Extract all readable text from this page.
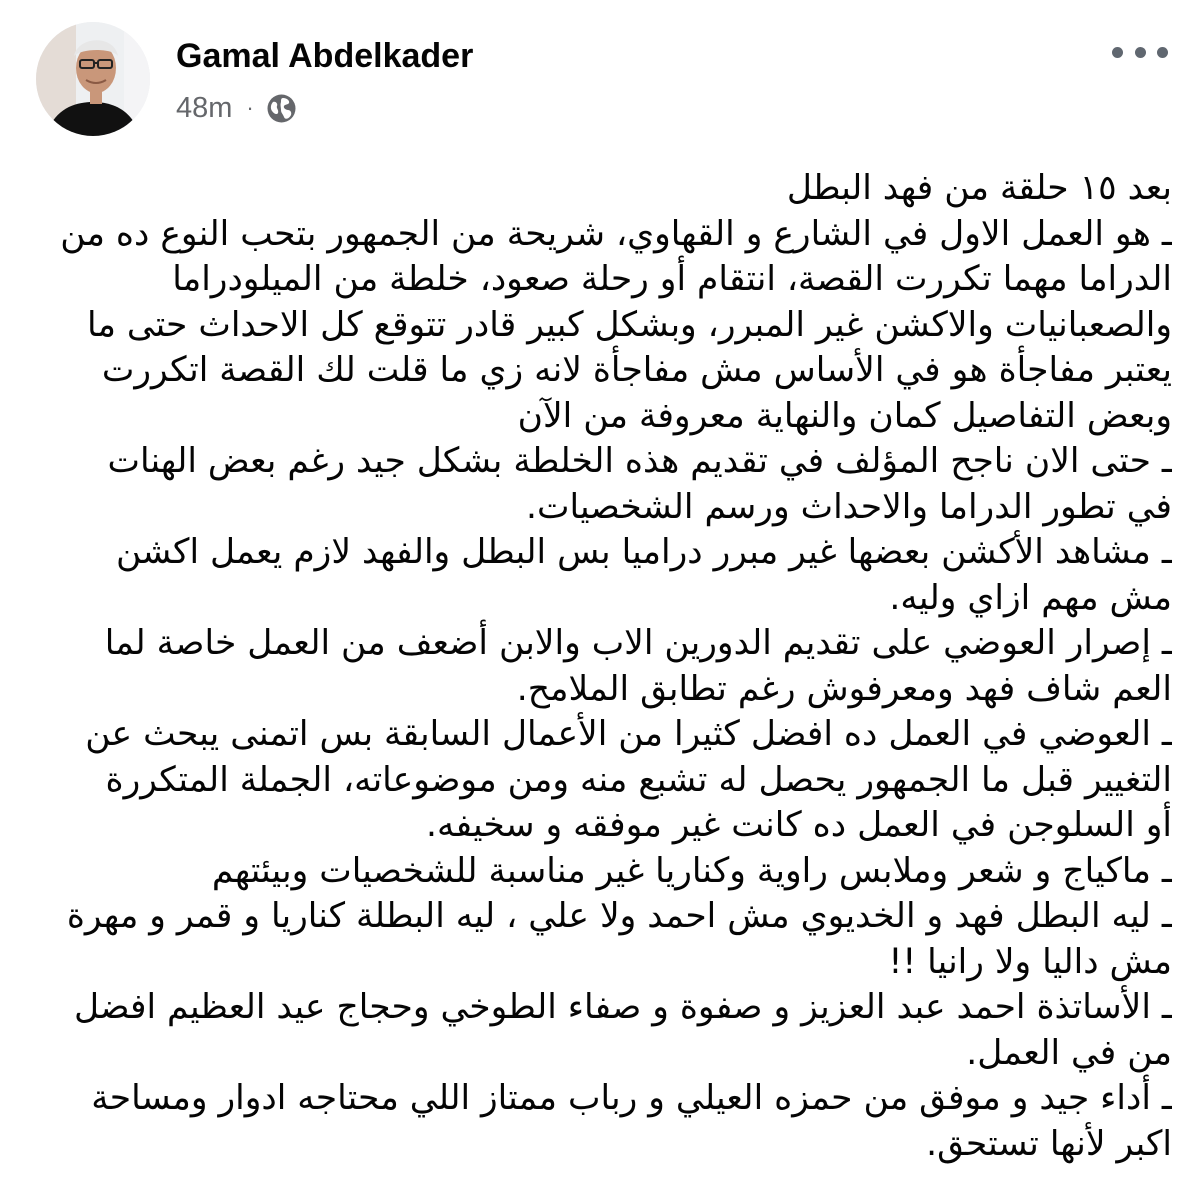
Gamal Abdelkader
48m ·
بعد ١٥ حلقة من فهد البطل
ـ هو العمل الاول في الشارع و القهاوي، شريحة من الجمهور بتحب النوع ده من
الدراما مهما تكررت القصة، انتقام أو رحلة صعود، خلطة من الميلودراما
والصعبانيات والاكشن غير المبرر، وبشكل كبير قادر تتوقع كل الاحداث حتى ما
يعتبر مفاجأة هو في الأساس مش مفاجأة لانه زي ما قلت لك القصة اتكررت
وبعض التفاصيل كمان والنهاية معروفة من الآن
ـ حتى الان ناجح المؤلف في تقديم هذه الخلطة بشكل جيد رغم بعض الهنات
في تطور الدراما والاحداث ورسم الشخصيات.
ـ مشاهد الأكشن بعضها غير مبرر دراميا بس البطل والفهد لازم يعمل اكشن
مش مهم ازاي وليه.
ـ إصرار العوضي على تقديم الدورين الاب والابن أضعف من العمل خاصة لما
العم شاف فهد ومعرفوش رغم تطابق الملامح.
ـ العوضي في العمل ده افضل كثيرا من الأعمال السابقة بس اتمنى يبحث عن
التغيير قبل ما الجمهور يحصل له تشبع منه ومن موضوعاته، الجملة المتكررة
أو السلوجن في العمل ده كانت غير موفقه و سخيفه.
ـ ماكياج و شعر وملابس راوية وكناريا غير مناسبة للشخصيات وبيئتهم
ـ ليه البطل فهد و الخديوي مش احمد ولا علي ، ليه البطلة كناريا و قمر و مهرة
مش داليا ولا رانيا !!
ـ الأساتذة احمد عبد العزيز و صفوة و صفاء الطوخي وحجاج عيد العظيم افضل
من في العمل.
ـ أداء جيد و موفق من حمزه العيلي و رباب ممتاز اللي محتاجه ادوار ومساحة
اكبر لأنها تستحق.
